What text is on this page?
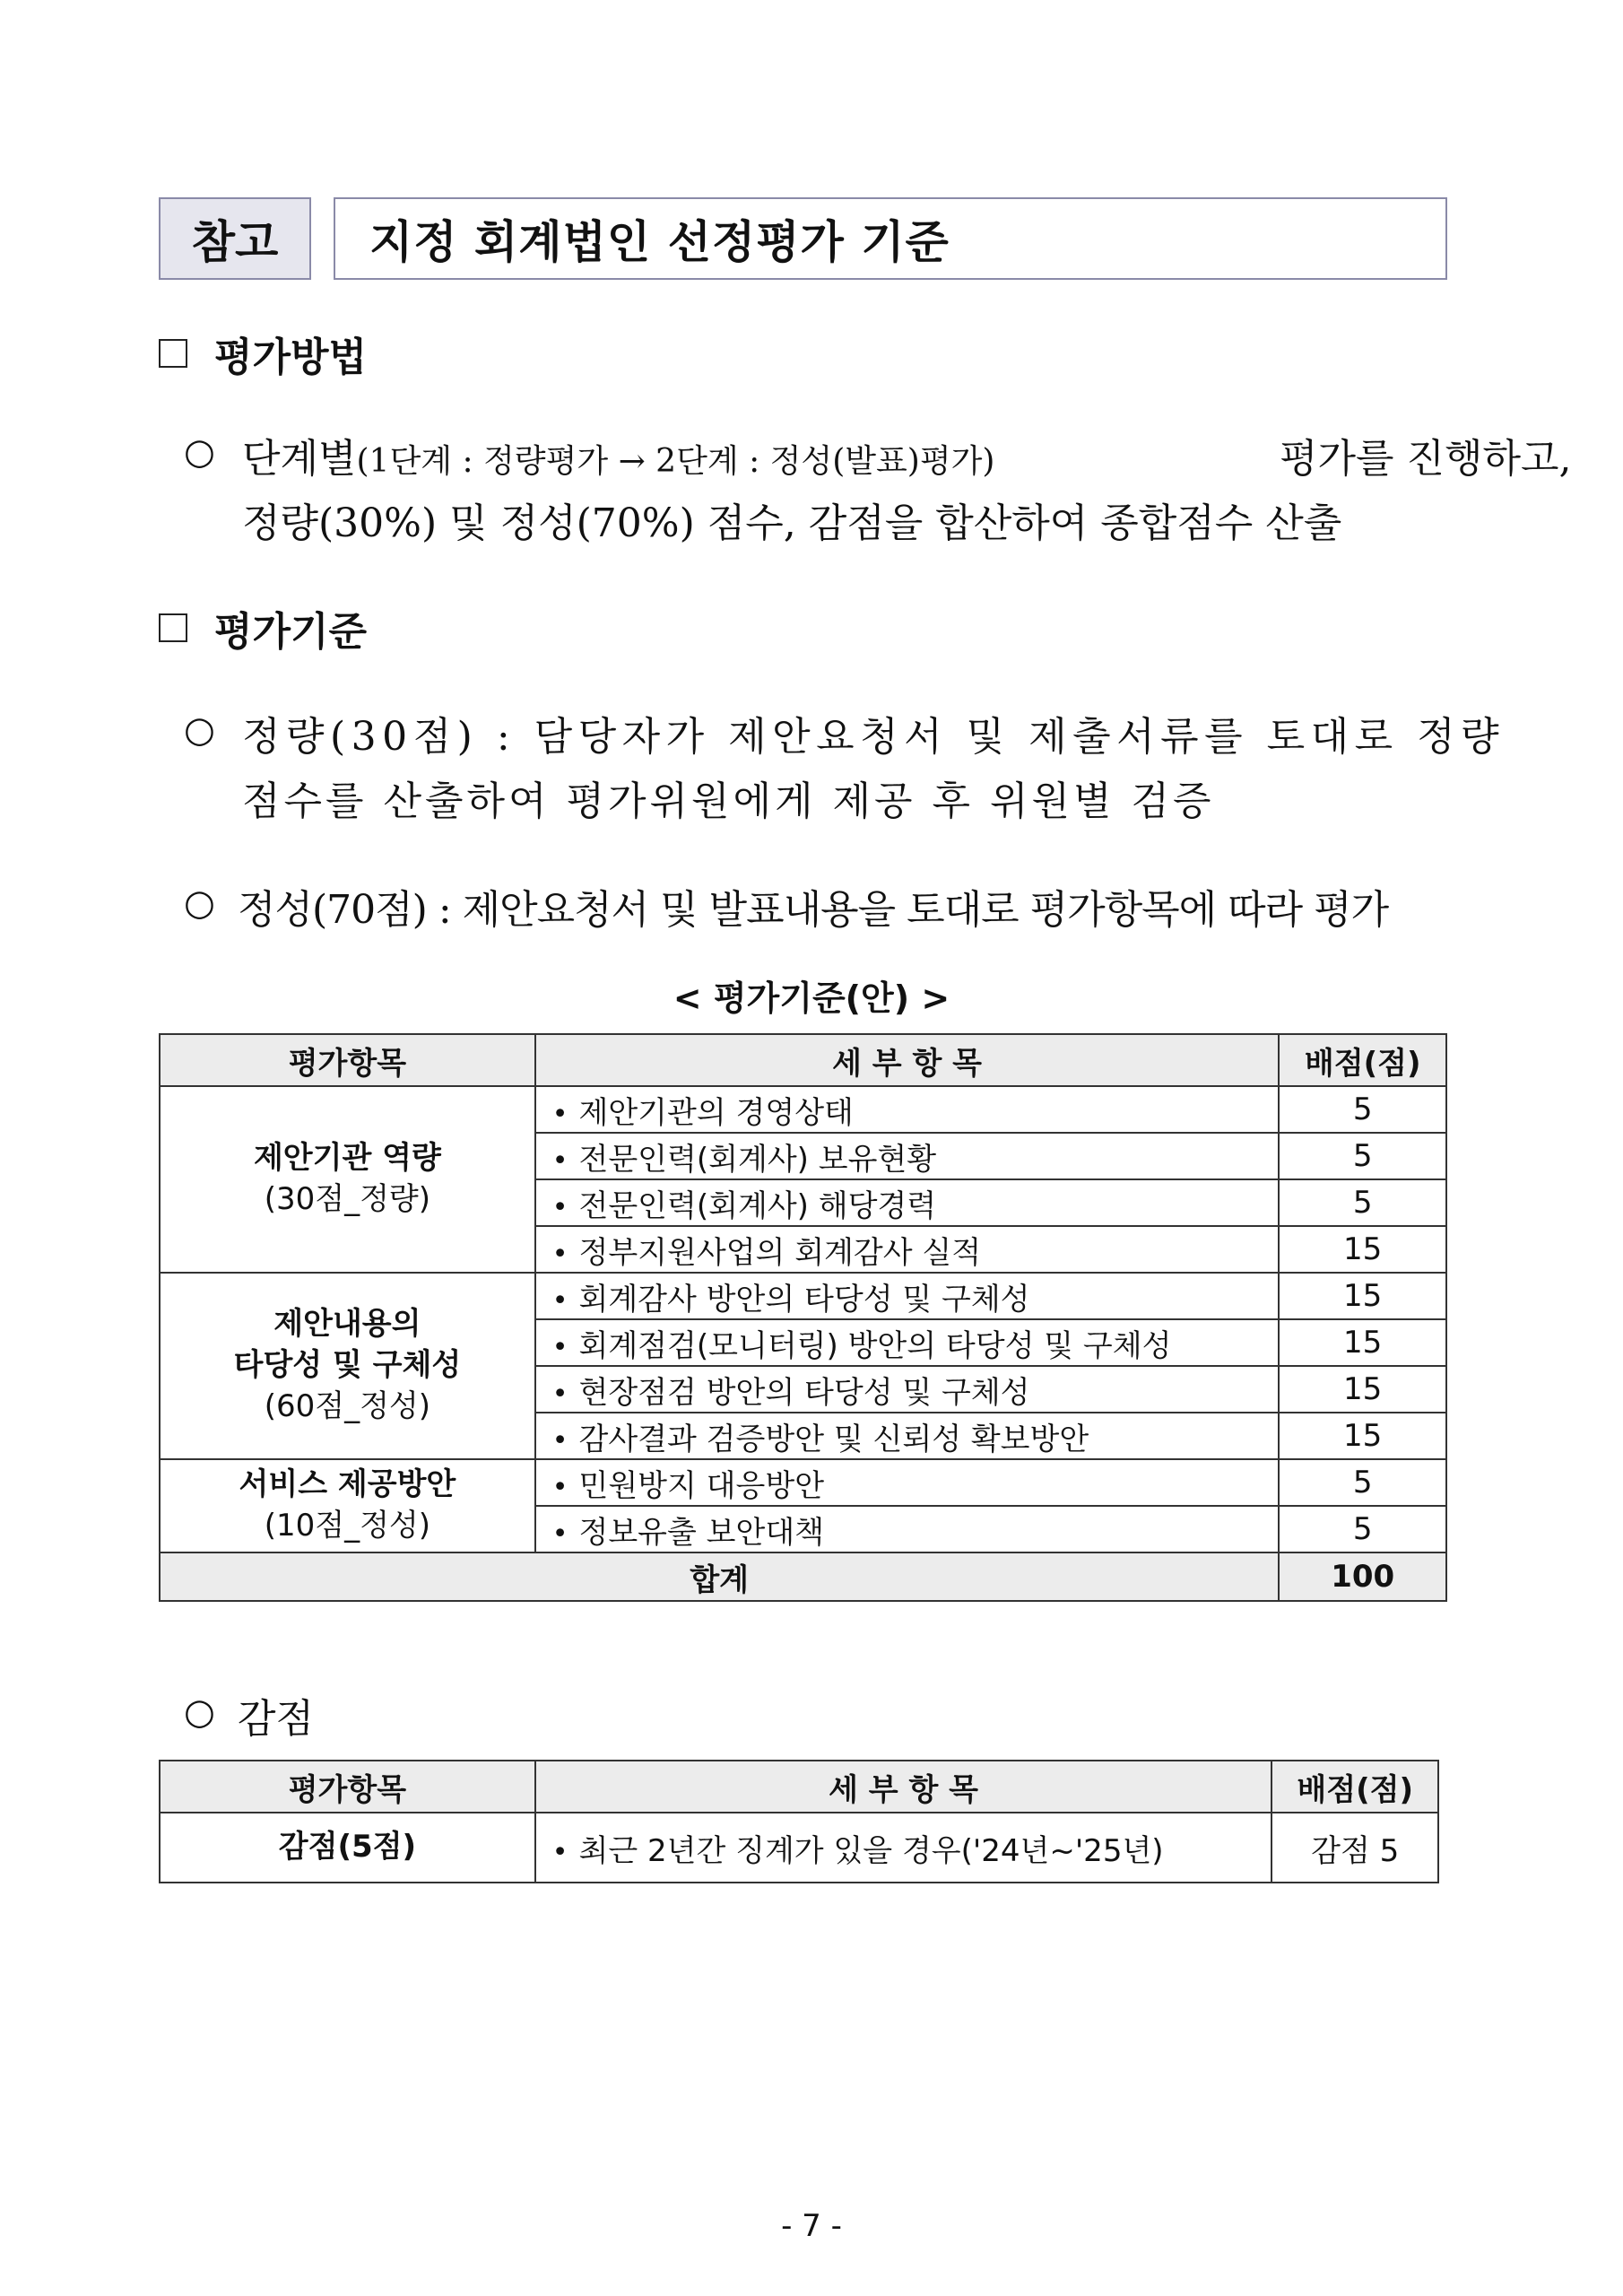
참고	지정 회계법인 선정평가 기준
평가방법
○ 단계별(1단계 : 정량평가 → 2단계 : 정성(발표)평가)	평가를 진행하고,
정량(30%) 및 정성(70%) 점수, 감점을 합산하여 종합점수 산출
평가기준
○ 정량(30점) : 담당자가 제안요청서 및 제출서류를 토대로 정량
점수를 산출하여 평가위원에게 제공 후 위원별 검증
○ 정성(70점) : 제안요청서 및 발표내용을 토대로 평가항목에 따라 평가
< 평가기준(안) >
평가항목	세 부 항 목	배점(점)

제안기관 역량
(30점_정량)	• 제안기관의 경영상태	5
	• 전문인력(회계사) 보유현황	5
	• 전문인력(회계사) 해당경력	5
	• 정부지원사업의 회계감사 실적	15

제안내용의
타당성 및 구체성
(60점_정성)	• 회계감사 방안의 타당성 및 구체성	15
	• 회계점검(모니터링) 방안의 타당성 및 구체성	15
	• 현장점검 방안의 타당성 및 구체성	15
	• 감사결과 검증방안 및 신뢰성 확보방안	15

서비스 제공방안
(10점_정성)	• 민원방지 대응방안	5
	• 정보유출 보안대책	5
합계		100
○ 감점
평가항목	세 부 항 목	배점(점)
감점(5점)	• 최근 2년간 징계가 있을 경우('24년~'25년)	감점 5
- 7 -
